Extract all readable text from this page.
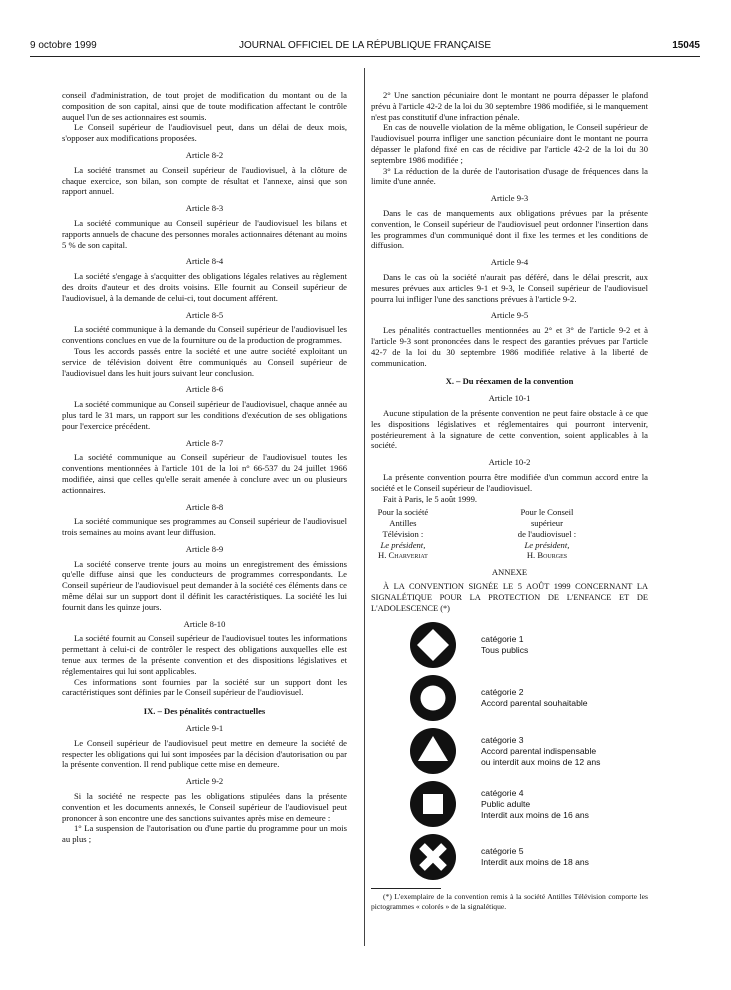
9 octobre 1999	JOURNAL OFFICIEL DE LA RÉPUBLIQUE FRANÇAISE	15045

conseil d'administration, de tout projet de modification du montant ou de la composition de son capital, ainsi que de toute modification affectant le contrôle auquel l'un de ses actionnaires est soumis.

Le Conseil supérieur de l'audiovisuel peut, dans un délai de deux mois, s'opposer aux modifications proposées.

Article 8-2

La société transmet au Conseil supérieur de l'audiovisuel, à la clôture de chaque exercice, son bilan, son compte de résultat et l'annexe, ainsi que son rapport annuel.

Article 8-3

La société communique au Conseil supérieur de l'audiovisuel les bilans et rapports annuels de chacune des personnes morales actionnaires détenant au moins 5 % de son capital.

Article 8-4

La société s'engage à s'acquitter des obligations légales relatives au règlement des droits d'auteur et des droits voisins. Elle fournit au Conseil supérieur de l'audiovisuel, à la demande de celui-ci, tout document afférent.

Article 8-5

La société communique à la demande du Conseil supérieur de l'audiovisuel les conventions conclues en vue de la fourniture ou de la production de programmes.

Tous les accords passés entre la société et une autre société exploitant un service de télévision doivent être communiqués au Conseil supérieur de l'audiovisuel dans les huit jours suivant leur conclusion.

Article 8-6

La société communique au Conseil supérieur de l'audiovisuel, chaque année au plus tard le 31 mars, un rapport sur les conditions d'exécution de ses obligations pour l'exercice précédent.

Article 8-7

La société communique au Conseil supérieur de l'audiovisuel toutes les conventions mentionnées à l'article 101 de la loi n° 66-537 du 24 juillet 1966 modifiée, ainsi que celles qu'elle serait amenée à conclure avec un ou plusieurs actionnaires.

Article 8-8

La société communique ses programmes au Conseil supérieur de l'audiovisuel trois semaines au moins avant leur diffusion.

Article 8-9

La société conserve trente jours au moins un enregistrement des émissions qu'elle diffuse ainsi que les conducteurs de programmes correspondants. Le Conseil supérieur de l'audiovisuel peut demander à la société ces éléments dans ce même délai sur un support dont il définit les caractéristiques. La société les lui fournit dans les quinze jours.

Article 8-10

La société fournit au Conseil supérieur de l'audiovisuel toutes les informations permettant à celui-ci de contrôler le respect des obligations auxquelles elle est tenue aux termes de la présente convention et des dispositions législatives et réglementaires qui lui sont applicables.

Ces informations sont fournies par la société sur un support dont les caractéristiques sont définies par le Conseil supérieur de l'audiovisuel.

IX. – Des pénalités contractuelles
Article 9-1

Le Conseil supérieur de l'audiovisuel peut mettre en demeure la société de respecter les obligations qui lui sont imposées par la décision d'autorisation ou par la présente convention. Il rend publique cette mise en demeure.

Article 9-2

Si la société ne respecte pas les obligations stipulées dans la présente convention et les documents annexés, le Conseil supérieur de l'audiovisuel peut prononcer à son encontre une des sanctions suivantes après mise en demeure :

1° La suspension de l'autorisation ou d'une partie du programme pour un mois au plus ;

2° Une sanction pécuniaire dont le montant ne pourra dépasser le plafond prévu à l'article 42-2 de la loi du 30 septembre 1986 modifiée, si le manquement n'est pas constitutif d'une infraction pénale.

En cas de nouvelle violation de la même obligation, le Conseil supérieur de l'audiovisuel pourra infliger une sanction pécuniaire dont le montant ne pourra dépasser le plafond fixé en cas de récidive par l'article 42-2 de la loi du 30 septembre 1986 modifiée ;

3° La réduction de la durée de l'autorisation d'usage de fréquences dans la limite d'une année.

Article 9-3

Dans le cas de manquements aux obligations prévues par la présente convention, le Conseil supérieur de l'audiovisuel peut ordonner l'insertion dans les programmes d'un communiqué dont il fixe les termes et les conditions de diffusion.

Article 9-4

Dans le cas où la société n'aurait pas déféré, dans le délai prescrit, aux mesures prévues aux articles 9-1 et 9-3, le Conseil supérieur de l'audiovisuel pourra lui infliger l'une des sanctions prévues à l'article 9-2.

Article 9-5

Les pénalités contractuelles mentionnées au 2° et 3° de l'article 9-2 et à l'article 9-3 sont prononcées dans le respect des garanties prévues par l'article 42-7 de la loi du 30 septembre 1986 modifiée relative à la liberté de communication.

X. – Du réexamen de la convention
Article 10-1

Aucune stipulation de la présente convention ne peut faire obstacle à ce que les dispositions législatives et réglementaires qui pourront intervenir, postérieurement à la signature de cette convention, soient applicables à la société.

Article 10-2

La présente convention pourra être modifiée d'un commun accord entre la société et le Conseil supérieur de l'audiovisuel.

Fait à Paris, le 5 août 1999.

Pour la société
Antilles Télévision :
Le président,
H. Charveriat
Pour le Conseil supérieur
de l'audiovisuel :
Le président,
H. Bourges
ANNEXE

À LA CONVENTION SIGNÉE LE 5 AOÛT 1999 CONCERNANT LA SIGNALÉTIQUE POUR LA PROTECTION DE L'ENFANCE ET DE L'ADOLESCENCE (*)

catégorie 1
Tous publics
catégorie 2
Accord parental souhaitable
catégorie 3
Accord parental indispensable
ou interdit aux moins de 12 ans
catégorie 4
Public adulte
Interdit aux moins de 16 ans
catégorie 5
Interdit aux moins de 18 ans

(*) L'exemplaire de la convention remis à la société Antilles Télévision comporte les pictogrammes « colorés » de la signalétique.
